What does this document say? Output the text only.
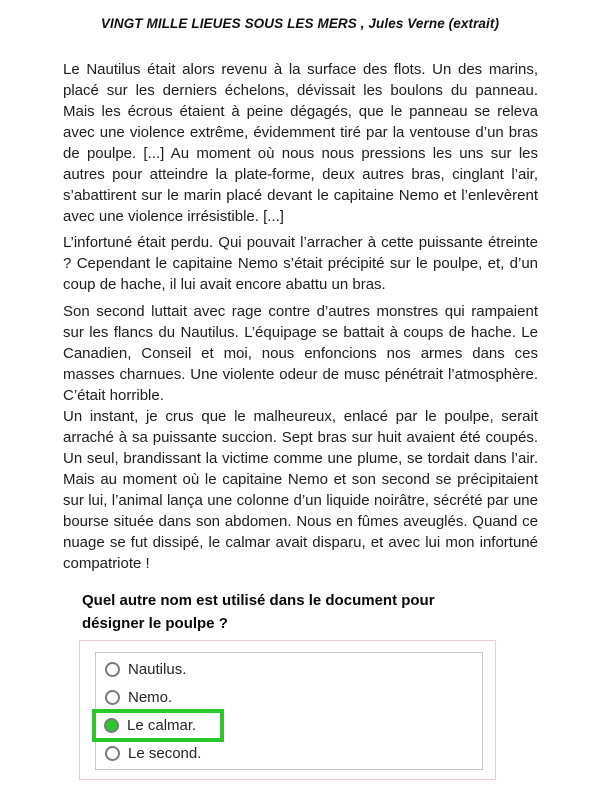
VINGT MILLE LIEUES SOUS LES MERS , Jules Verne (extrait)

Le Nautilus était alors revenu à la surface des flots. Un des marins, placé sur les derniers échelons, dévissait les boulons du panneau. Mais les écrous étaient à peine dégagés, que le panneau se releva avec une violence extrême, évidemment tiré par la ventouse d’un bras de poulpe. [...] Au moment où nous nous pressions les uns sur les autres pour atteindre la plate-forme, deux autres bras, cinglant l’air, s’abattirent sur le marin placé devant le capitaine Nemo et l’enlevèrent avec une violence irrésistible. [...]

L’infortuné était perdu. Qui pouvait l’arracher à cette puissante étreinte ? Cependant le capitaine Nemo s’était précipité sur le poulpe, et, d’un coup de hache, il lui avait encore abattu un bras.

Son second luttait avec rage contre d’autres monstres qui rampaient sur les flancs du Nautilus. L’équipage se battait à coups de hache. Le Canadien, Conseil et moi, nous enfoncions nos armes dans ces masses charnues. Une violente odeur de musc pénétrait l’atmosphère. C’était horrible.

Un instant, je crus que le malheureux, enlacé par le poulpe, serait arraché à sa puissante succion. Sept bras sur huit avaient été coupés. Un seul, brandissant la victime comme une plume, se tordait dans l’air. Mais au moment où le capitaine Nemo et son second se précipitaient sur lui, l’animal lança une colonne d’un liquide noirâtre, sécrété par une bourse située dans son abdomen. Nous en fûmes aveuglés. Quand ce nuage se fut dissipé, le calmar avait disparu, et avec lui mon infortuné compatriote !

Quel autre nom est utilisé dans le document pour désigner le poulpe ?
Nautilus.
Nemo.
Le calmar.
Le second.
